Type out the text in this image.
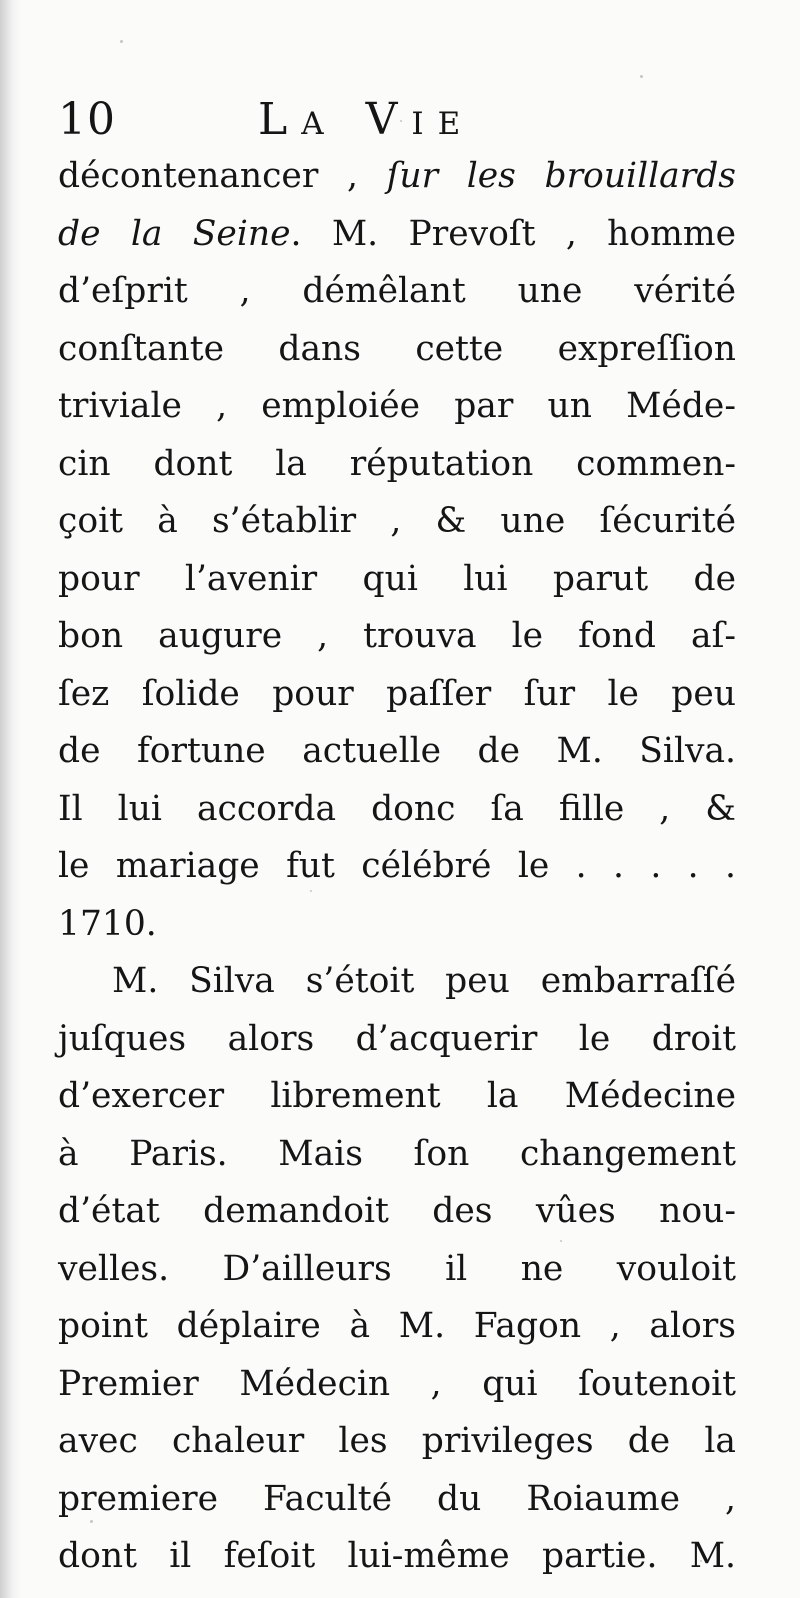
10	La Vie
décontenancer , ſur les brouillards
de la Seine. M. Prevoſt , homme
d’eſprit , démêlant une vérité
conſtante dans cette expreſſion
triviale , emploiée par un Méde-
cin dont la réputation commen-
çoit à s’établir , & une ſécurité
pour l’avenir qui lui parut de
bon augure , trouva le fond aſ-
ſez ſolide pour paſſer ſur le peu
de fortune actuelle de M. Silva.
Il lui accorda donc ſa fille , &
le mariage fut célébré le . . . . .
1710.
M. Silva s’étoit peu embarraſſé
juſques alors d’acquerir le droit
d’exercer librement la Médecine
à Paris. Mais ſon changement
d’état demandoit des vûes nou-
velles. D’ailleurs il ne vouloit
point déplaire à M. Fagon , alors
Premier Médecin , qui ſoutenoit
avec chaleur les privileges de la
premiere Faculté du Roiaume ,
dont il feſoit lui-même partie. M.
